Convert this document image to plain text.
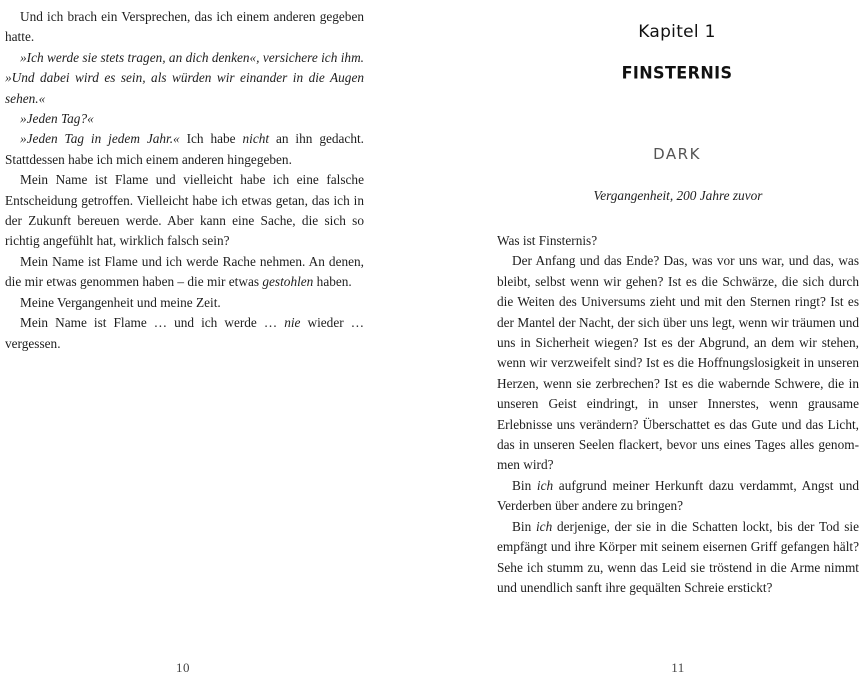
Und ich brach ein Versprechen, das ich einem anderen gegeben hatte.

»Ich werde sie stets tragen, an dich denken«, versichere ich ihm. »Und dabei wird es sein, als würden wir einander in die Augen sehen.«

»Jeden Tag?«

»Jeden Tag in jedem Jahr.« Ich habe nicht an ihn gedacht. Stattdessen habe ich mich einem anderen hingegeben.

Mein Name ist Flame und vielleicht habe ich eine falsche Entscheidung getroffen. Vielleicht habe ich etwas getan, das ich in der Zukunft bereuen werde. Aber kann eine Sache, die sich so richtig angefühlt hat, wirklich falsch sein?

Mein Name ist Flame und ich werde Rache nehmen. An denen, die mir etwas genommen haben – die mir etwas gestohlen haben.

Meine Vergangenheit und meine Zeit.

Mein Name ist Flame … und ich werde … nie wieder … vergessen.

10
Kapitel 1
FINSTERNIS
DARK
Vergangenheit, 200 Jahre zuvor

Was ist Finsternis?

Der Anfang und das Ende? Das, was vor uns war, und das, was bleibt, selbst wenn wir gehen? Ist es die Schwärze, die sich durch die Weiten des Universums zieht und mit den Sternen ringt? Ist es der Mantel der Nacht, der sich über uns legt, wenn wir träumen und uns in Sicherheit wiegen? Ist es der Abgrund, an dem wir stehen, wenn wir verzweifelt sind? Ist es die Hoffnungslosigkeit in unseren Herzen, wenn sie zerbrechen? Ist es die wabernde Schwere, die in unseren Geist eindringt, in unser Innerstes, wenn grausame Erlebnisse uns verändern? Überschattet es das Gute und das Licht, das in unseren Seelen flackert, bevor uns eines Tages alles genommen wird?

Bin ich aufgrund meiner Herkunft dazu verdammt, Angst und Verderben über andere zu bringen?

Bin ich derjenige, der sie in die Schatten lockt, bis der Tod sie empfängt und ihre Körper mit seinem eisernen Griff gefangen hält? Sehe ich stumm zu, wenn das Leid sie tröstend in die Arme nimmt und unendlich sanft ihre gequälten Schreie erstickt?

11
